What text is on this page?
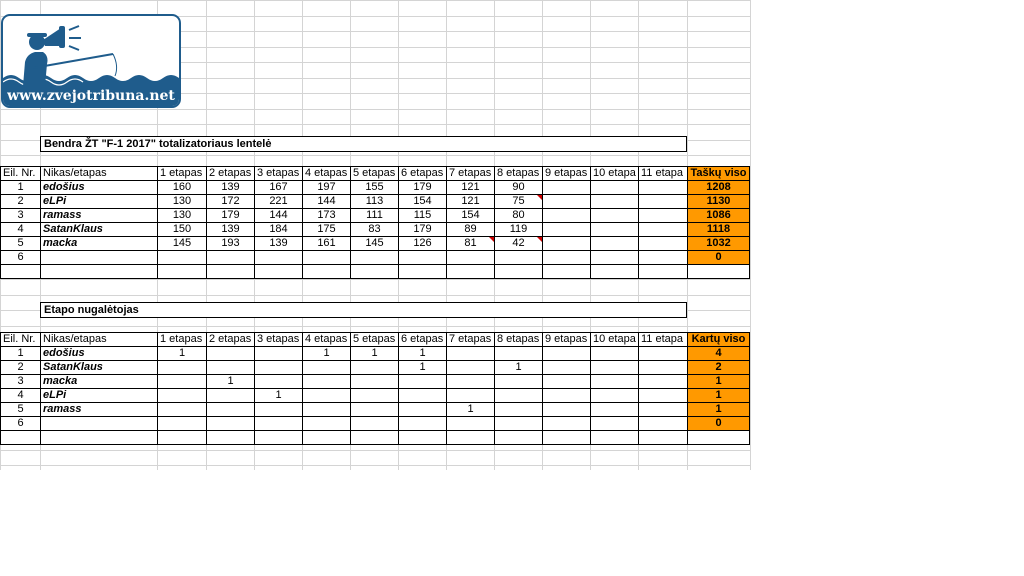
www.zvejotribuna.net
Bendra ŽT "F-1 2017" totalizatoriaus lentelė
Eil. Nr.	Nikas/etapas	1 etapas	2 etapas	3 etapas	4 etapas	5 etapas	6 etapas	7 etapas	8 etapas	9 etapas	10 etapa	11 etapa	Taškų viso
1	edošius	160	139	167	197	155	179	121	90				1208
2	eLPi	130	172	221	144	113	154	121	75				1130
3	ramass	130	179	144	173	111	115	154	80				1086
4	SatanKlaus	150	139	184	175	83	179	89	119				1118
5	macka	145	193	139	161	145	126	81	42				1032
6													0

Etapo nugalėtojas
Eil. Nr.	Nikas/etapas	1 etapas	2 etapas	3 etapas	4 etapas	5 etapas	6 etapas	7 etapas	8 etapas	9 etapas	10 etapa	11 etapa	Kartų viso
1	edošius	1			1	1	1						4
2	SatanKlaus						1		1				2
3	macka		1										1
4	eLPi			1									1
5	ramass							1					1
6													0
